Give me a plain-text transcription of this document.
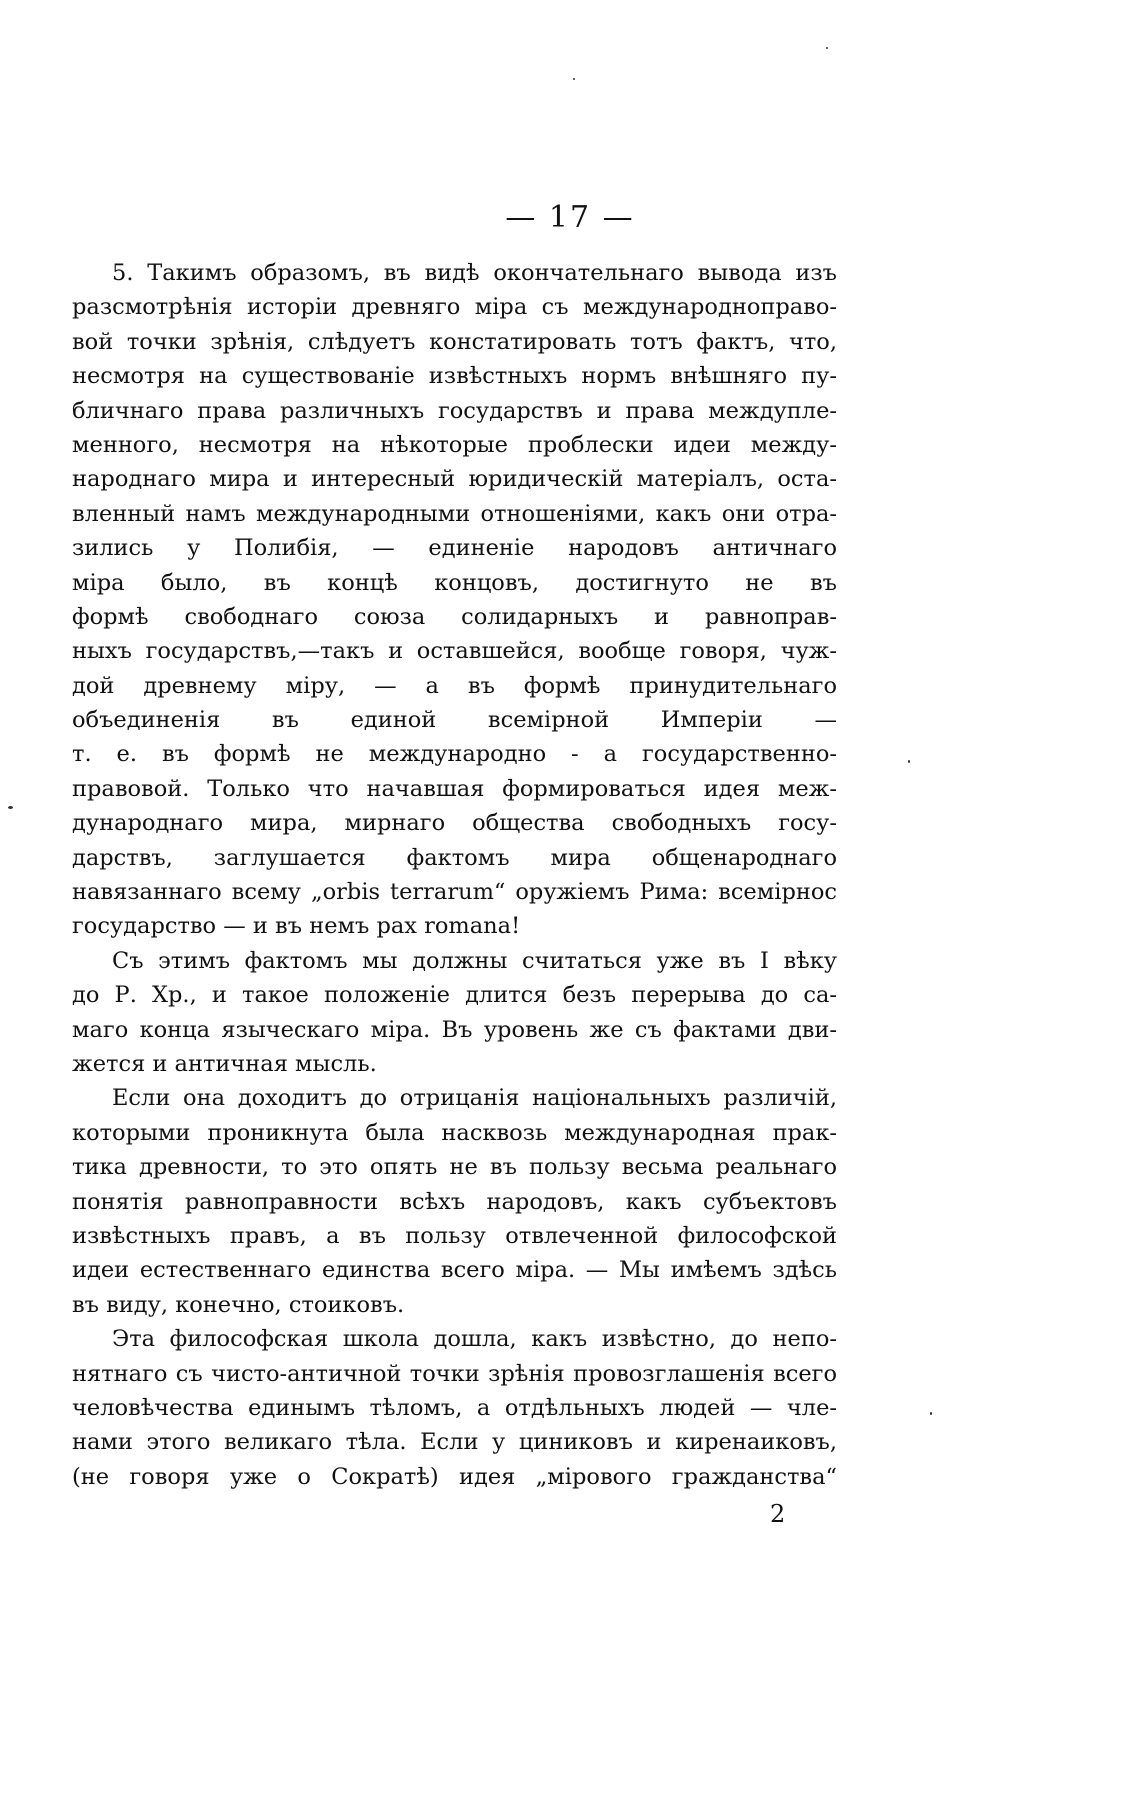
— 17 —
5. Такимъ образомъ, въ видѣ окончательнаго вывода изъ
разсмотрѣнія исторіи древняго міра съ международноправо-
вой точки зрѣнія, слѣдуетъ констатировать тотъ фактъ, что,
несмотря на существованіе извѣстныхъ нормъ внѣшняго пу-
бличнаго права различныхъ государствъ и права междупле-
менного, несмотря на нѣкоторые проблески идеи между-
народнаго мира и интересный юридическій матеріалъ, оста-
вленный намъ международными отношеніями, какъ они отра-
зились у Полибія, — единеніе народовъ античнаго
міра было, въ концѣ концовъ, достигнуто не въ
формѣ свободнаго союза солидарныхъ и равноправ-
ныхъ государствъ,—такъ и оставшейся, вообще говоря, чуж-
дой древнему міру, — а въ формѣ принудительнаго
объединенія въ единой всемірной Имперіи —
т. е. въ формѣ не международно - а государственно-
правовой. Только что начавшая формироваться идея меж-
дународнаго мира, мирнаго общества свободныхъ госу-
дарствъ, заглушается фактомъ мира общенароднаго
навязаннаго всему „orbis terrarum“ оружіемъ Рима: всемірнос
государство — и въ немъ pax romana!
Съ этимъ фактомъ мы должны считаться уже въ I вѣку
до Р. Хр., и такое положеніе длится безъ перерыва до са-
маго конца языческаго міра. Въ уровень же съ фактами дви-
жется и античная мысль.
Если она доходитъ до отрицанія національныхъ различій,
которыми проникнута была насквозь международная прак-
тика древности, то это опять не въ пользу весьма реальнаго
понятія равноправности всѣхъ народовъ, какъ субъектовъ
извѣстныхъ правъ, а въ пользу отвлеченной философской
идеи естественнаго единства всего міра. — Мы имѣемъ здѣсь
въ виду, конечно, стоиковъ.
Эта философская школа дошла, какъ извѣстно, до непо-
нятнаго съ чисто-античной точки зрѣнія провозглашенія всего
человѣчества единымъ тѣломъ, а отдѣльныхъ людей — чле-
нами этого великаго тѣла. Если у циниковъ и киренаиковъ,
(не говоря уже о Сократѣ) идея „мірового гражданства“
2
